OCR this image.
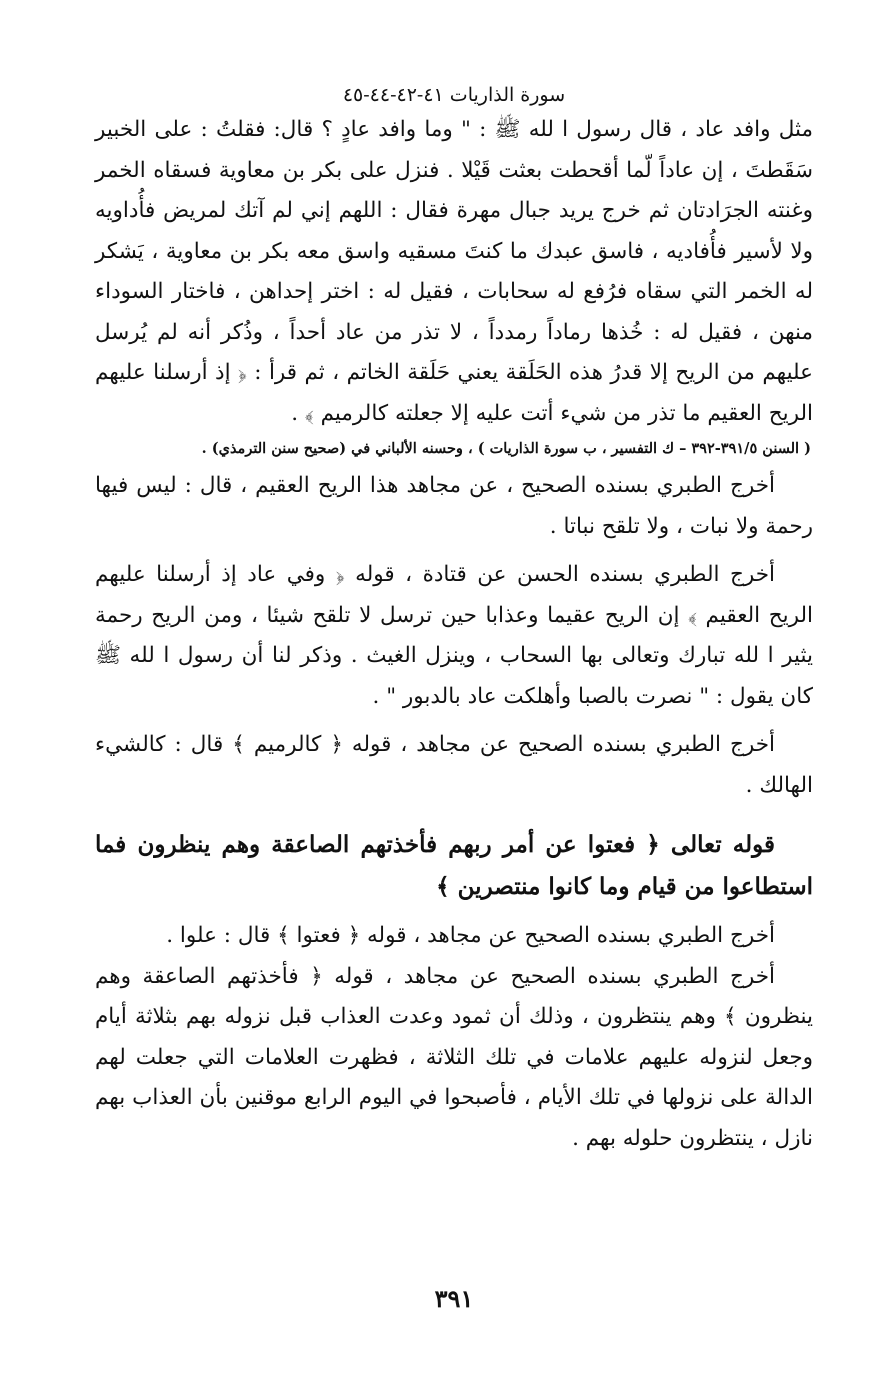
سورة الذاريات ٤١-٤٢-٤٤-٤٥

مثل وافد عاد ، قال رسول ا لله ﷺ : " وما وافد عادٍ ؟ قال: فقلتُ : على الخبير سَقَطتَ ، إن عاداً لّما أقحطت بعثت قَيْلا . فنزل على بكر بن معاوية فسقاه الخمر وغنته الجرَادتان ثم خرج يريد جبال مهرة فقال : اللهم إني لم آتك لمريض فأُداويه ولا لأسير فأُفاديه ، فاسق عبدك ما كنتَ مسقيه واسق معه بكر بن معاوية ، يَشكر له الخمر التي سقاه فرُفع له سحابات ، فقيل له : اختر إحداهن ، فاختار السوداء منهن ، فقيل له : خُذها رماداً رمدداً ، لا تذر من عاد أحداً ، وذُكر أنه لم يُرسل عليهم من الريح إلا قدرُ هذه الحَلَقة يعني حَلَقة الخاتم ، ثم قرأ : ﴿ إذ أرسلنا عليهم الريح العقيم ما تذر من شيء أتت عليه إلا جعلته كالرميم ﴾ .

( السنن ٣٩١/٥-٣٩٢ – ك التفسير ، ب سورة الذاريات ) ، وحسنه الألباني في (صحيح سنن الترمذي) .

أخرج الطبري بسنده الصحيح ، عن مجاهد هذا الريح العقيم ، قال : ليس فيها رحمة ولا نبات ، ولا تلقح نباتا .

أخرج الطبري بسنده الحسن عن قتادة ، قوله ﴿ وفي عاد إذ أرسلنا عليهم الريح العقيم ﴾ إن الريح عقيما وعذابا حين ترسل لا تلقح شيئا ، ومن الريح رحمة يثير ا لله تبارك وتعالى بها السحاب ، وينزل الغيث . وذكر لنا أن رسول ا لله ﷺ كان يقول : " نصرت بالصبا وأهلكت عاد بالدبور " .

أخرج الطبري بسنده الصحيح عن مجاهد ، قوله ﴿ كالرميم ﴾ قال : كالشيء الهالك .

قوله تعالى ﴿ فعتوا عن أمر ربهم فأخذتهم الصاعقة وهم ينظرون فما استطاعوا من قيام وما كانوا منتصرين ﴾

أخرج الطبري بسنده الصحيح عن مجاهد ، قوله ﴿ فعتوا ﴾ قال : علوا .

أخرج الطبري بسنده الصحيح عن مجاهد ، قوله ﴿ فأخذتهم الصاعقة وهم ينظرون ﴾ وهم ينتظرون ، وذلك أن ثمود وعدت العذاب قبل نزوله بهم بثلاثة أيام وجعل لنزوله عليهم علامات في تلك الثلاثة ، فظهرت العلامات التي جعلت لهم الدالة على نزولها في تلك الأيام ، فأصبحوا في اليوم الرابع موقنين بأن العذاب بهم نازل ، ينتظرون حلوله بهم .

٣٩١
